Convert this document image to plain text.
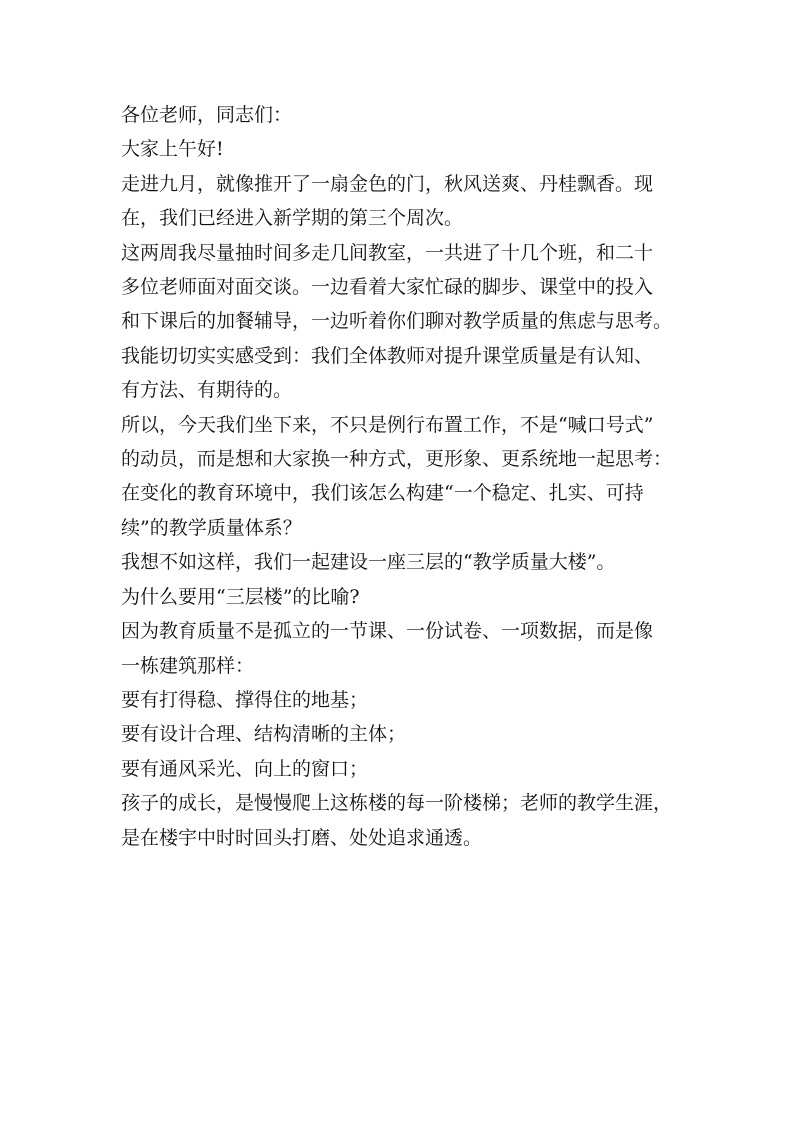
各位老师，同志们：

大家上午好!

走进九月，就像推开了一扇金色的门，秋风送爽、丹桂飘香。现

在，我们已经进入新学期的第三个周次。

这两周我尽量抽时间多走几间教室，一共进了十几个班，和二十

多位老师面对面交谈。一边看着大家忙碌的脚步、课堂中的投入

和下课后的加餐辅导，一边听着你们聊对教学质量的焦虑与思考。

我能切切实实感受到：我们全体教师对提升课堂质量是有认知、

有方法、有期待的。

所以，今天我们坐下来，不只是例行布置工作，不是“喊口号式”

的动员，而是想和大家换一种方式，更形象、更系统地一起思考：

在变化的教育环境中，我们该怎么构建“一个稳定、扎实、可持

续”的教学质量体系？

我想不如这样，我们一起建设一座三层的“教学质量大楼”。

为什么要用“三层楼”的比喻?

因为教育质量不是孤立的一节课、一份试卷、一项数据，而是像

一栋建筑那样：

要有打得稳、撑得住的地基；

要有设计合理、结构清晰的主体；

要有通风采光、向上的窗口；

孩子的成长，是慢慢爬上这栋楼的每一阶楼梯；老师的教学生涯，

是在楼宇中时时回头打磨、处处追求通透。
